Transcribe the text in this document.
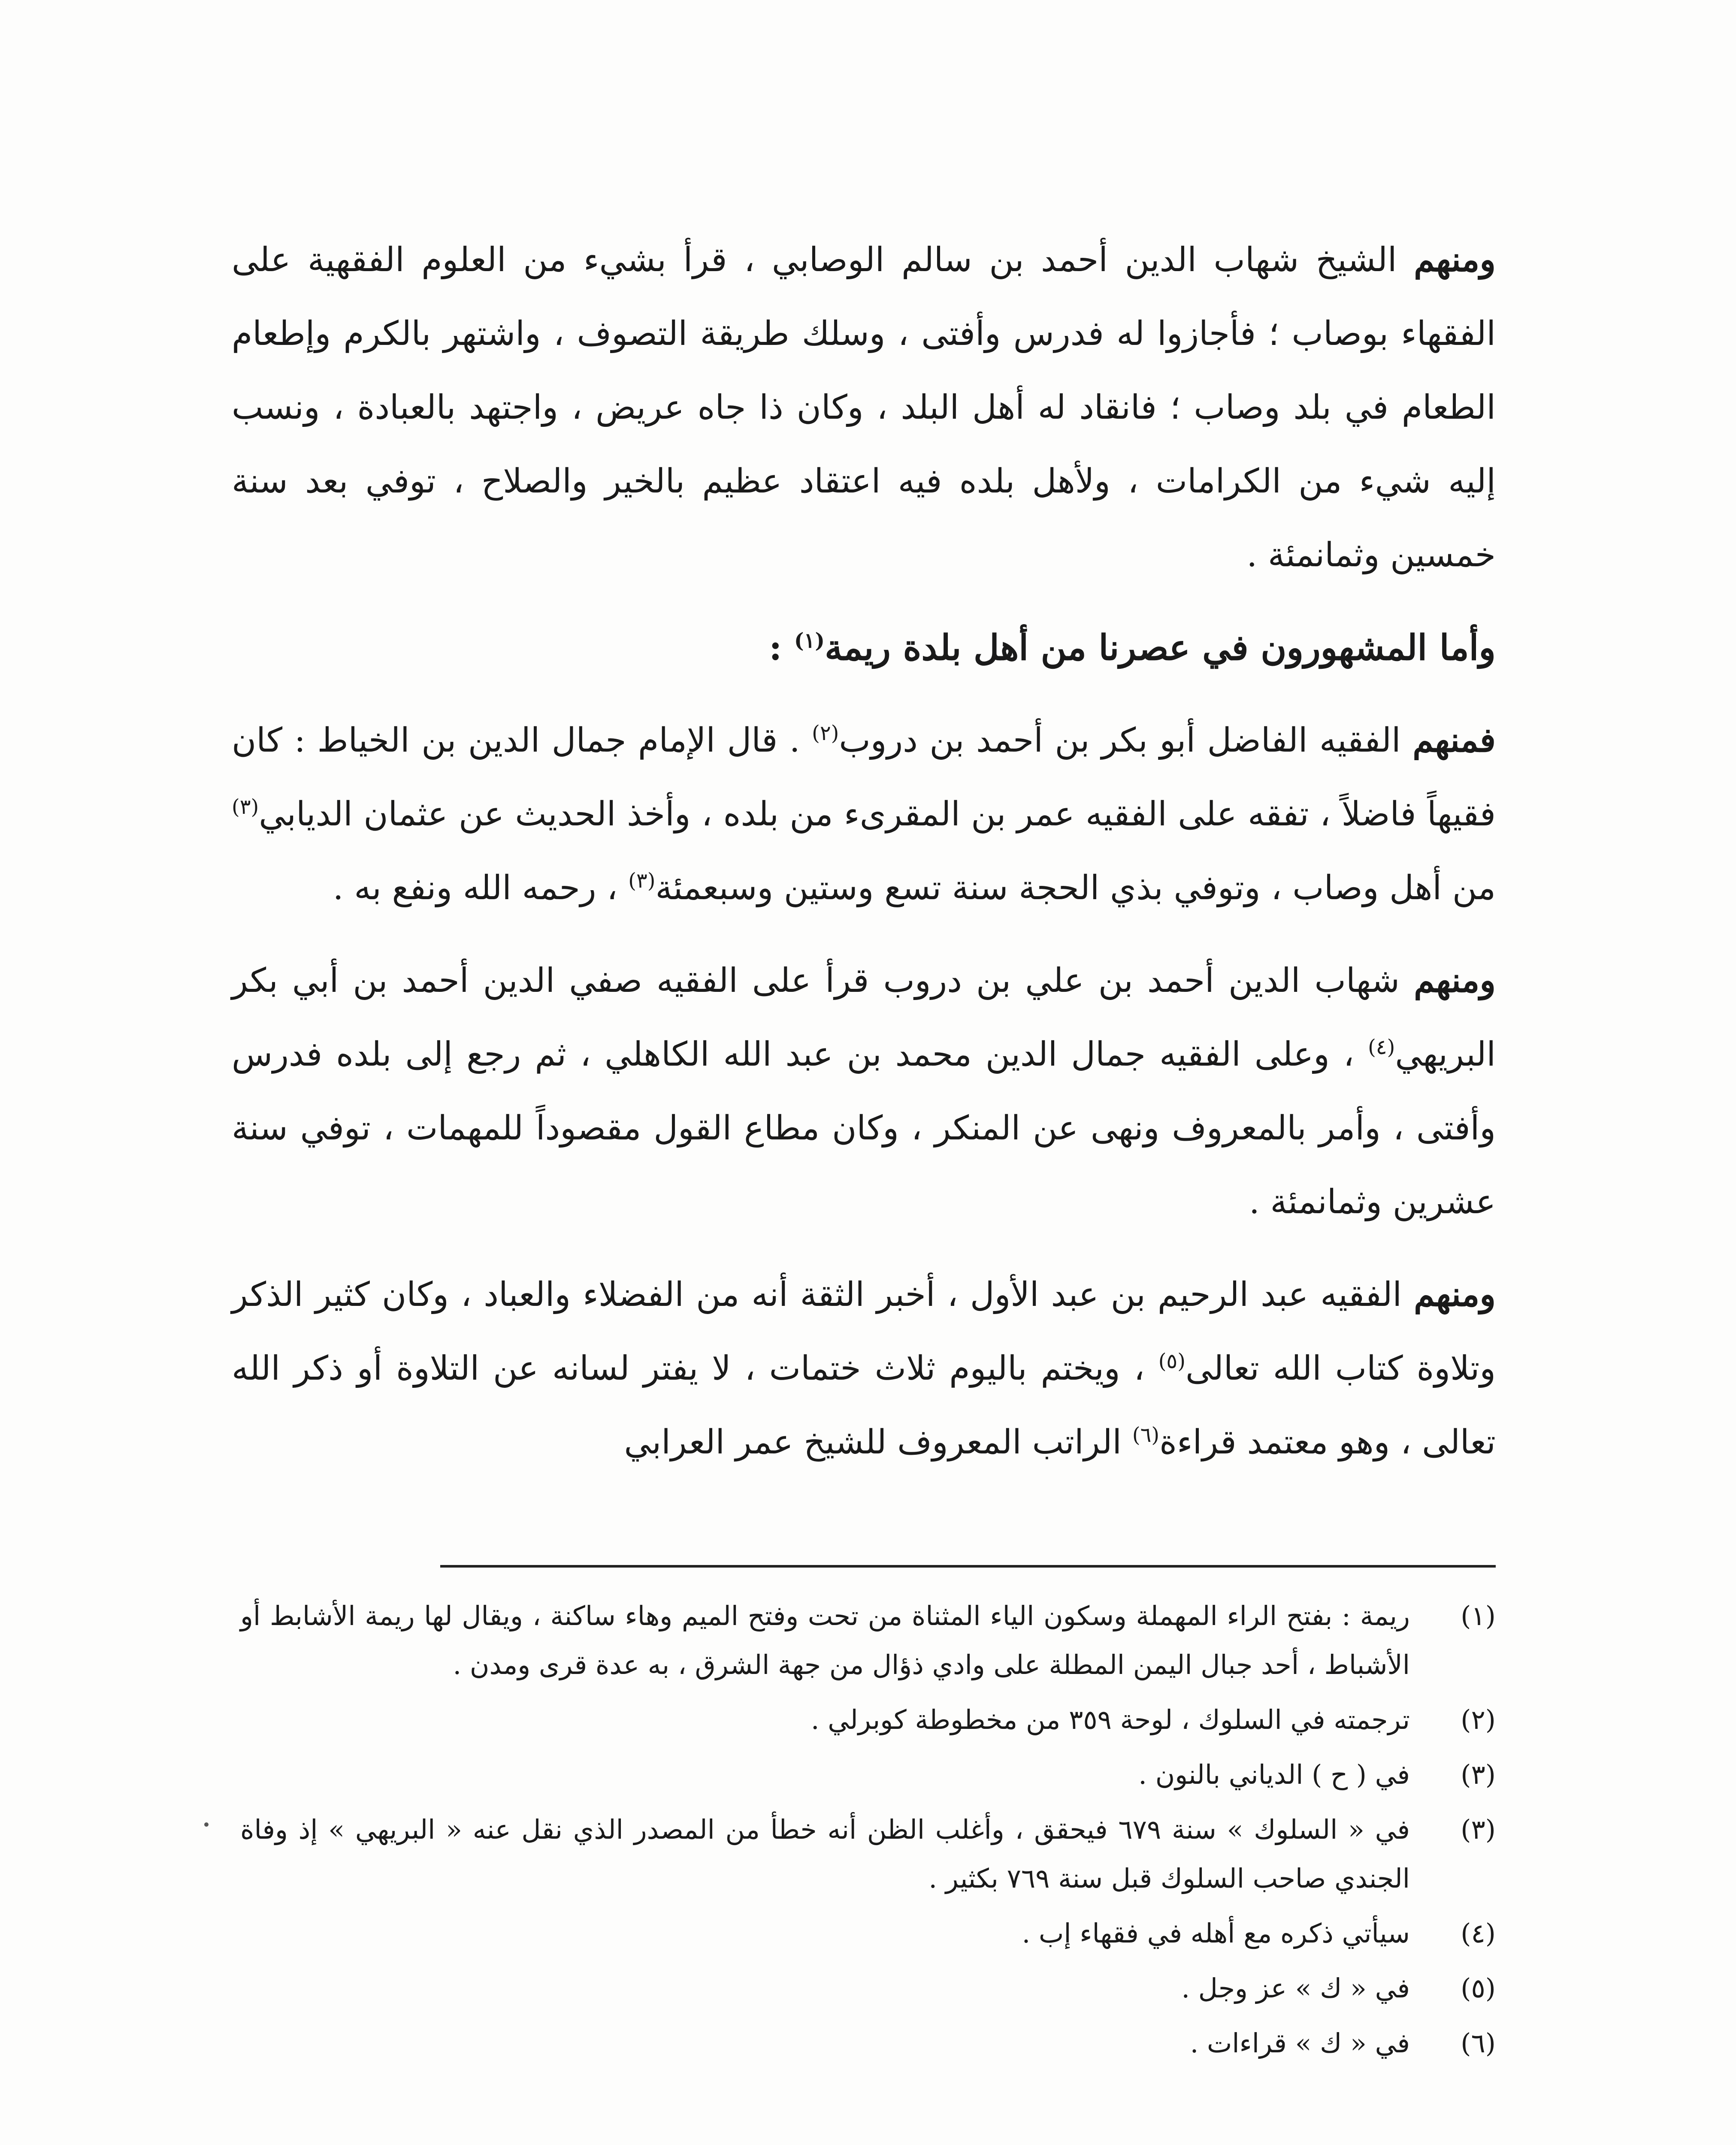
ومنهم الشيخ شهاب الدين أحمد بن سالم الوصابي ، قرأ بشيء من العلوم الفقهية على الفقهاء بوصاب ؛ فأجازوا له فدرس وأفتى ، وسلك طريقة التصوف ، واشتهر بالكرم وإطعام الطعام في بلد وصاب ؛ فانقاد له أهل البلد ، وكان ذا جاه عريض ، واجتهد بالعبادة ، ونسب إليه شيء من الكرامات ، ولأهل بلده فيه اعتقاد عظيم بالخير والصلاح ، توفي بعد سنة خمسين وثمانمئة .

وأما المشهورون في عصرنا من أهل بلدة ريمة$^{(١)}$ :

فمنهم الفقيه الفاضل أبو بكر بن أحمد بن دروب$^{(٢)}$ . قال الإمام جمال الدين بن الخياط : كان فقيهاً فاضلاً ، تفقه على الفقيه عمر بن المقرىء من بلده ، وأخذ الحديث عن عثمان الديابي$^{(٣)}$ من أهل وصاب ، وتوفي بذي الحجة سنة تسع وستين وسبعمئة$^{(٣)}$ ، رحمه الله ونفع به .

ومنهم شهاب الدين أحمد بن علي بن دروب قرأ على الفقيه صفي الدين أحمد بن أبي بكر البريهي$^{(٤)}$ ، وعلى الفقيه جمال الدين محمد بن عبد الله الكاهلي ، ثم رجع إلى بلده فدرس وأفتى ، وأمر بالمعروف ونهى عن المنكر ، وكان مطاع القول مقصوداً للمهمات ، توفي سنة عشرين وثمانمئة .

ومنهم الفقيه عبد الرحيم بن عبد الأول ، أخبر الثقة أنه من الفضلاء والعباد ، وكان كثير الذكر وتلاوة كتاب الله تعالى$^{(٥)}$ ، ويختم باليوم ثلاث ختمات ، لا يفتر لسانه عن التلاوة أو ذكر الله تعالى ، وهو معتمد قراءة$^{(٦)}$ الراتب المعروف للشيخ عمر العرابي

(١)
ريمة : بفتح الراء المهملة وسكون الياء المثناة من تحت وفتح الميم وهاء ساكنة ، ويقال لها ريمة الأشابط أو الأشباط ، أحد جبال اليمن المطلة على وادي ذؤال من جهة الشرق ، به عدة قرى ومدن .
(٢)
ترجمته في السلوك ، لوحة ٣٥٩ من مخطوطة كوبرلي .
(٣)
في ( ح ) الدياني بالنون .
(٣)
في « السلوك » سنة ٦٧٩ فيحقق ، وأغلب الظن أنه خطأ من المصدر الذي نقل عنه « البريهي » إذ وفاة الجندي صاحب السلوك قبل سنة ٧٦٩ بكثير .
(٤)
سيأتي ذكره مع أهله في فقهاء إب .
(٥)
في « ك » عز وجل .
(٦)
في « ك » قراءات .
